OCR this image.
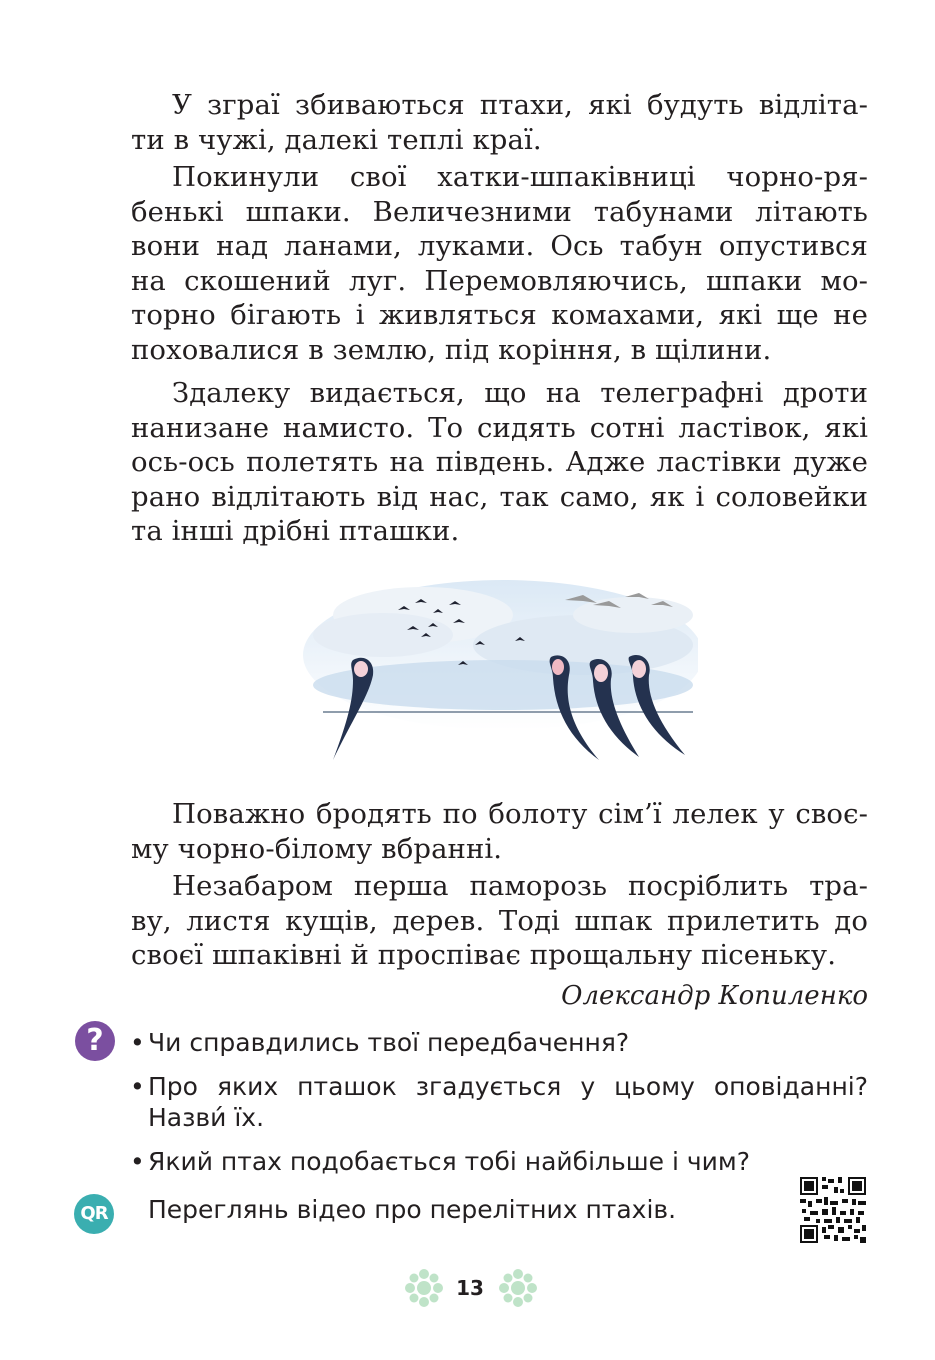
У зграї збиваються птахи, які будуть відліта-
ти в чужі, далекі теплі краї.
Покинули свої хатки-шпаківниці чорно-ря-
бенькі шпаки. Величезними табунами літають
вони над ланами, луками. Ось табун опустився
на скошений луг. Перемовляючись, шпаки мо-
торно бігають і живляться комахами, які ще не
поховалися в землю, під коріння, в щілини.
Здалеку видається, що на телеграфні дроти
нанизане намисто. То сидять сотні ластівок, які
ось-ось полетять на південь. Адже ластівки дуже
рано відлітають від нас, так само, як і соловейки
та інші дрібні пташки.
Поважно бродять по болоту сім’ї лелек у своє-
му чорно-білому вбранні.
Незабаром перша паморозь посріблить тра-
ву, листя кущів, дерев. Тоді шпак прилетить до
своєї шпаківні й проспіває прощальну пісеньку.
Олександр Копиленко
?	• Чи справдились твої передбачення?
• Про яких пташок згадується у цьому оповіданні?
Назви́ їх.
• Який птах подобається тобі найбільше і чим?
QR Переглянь відео про перелітних птахів.
13
